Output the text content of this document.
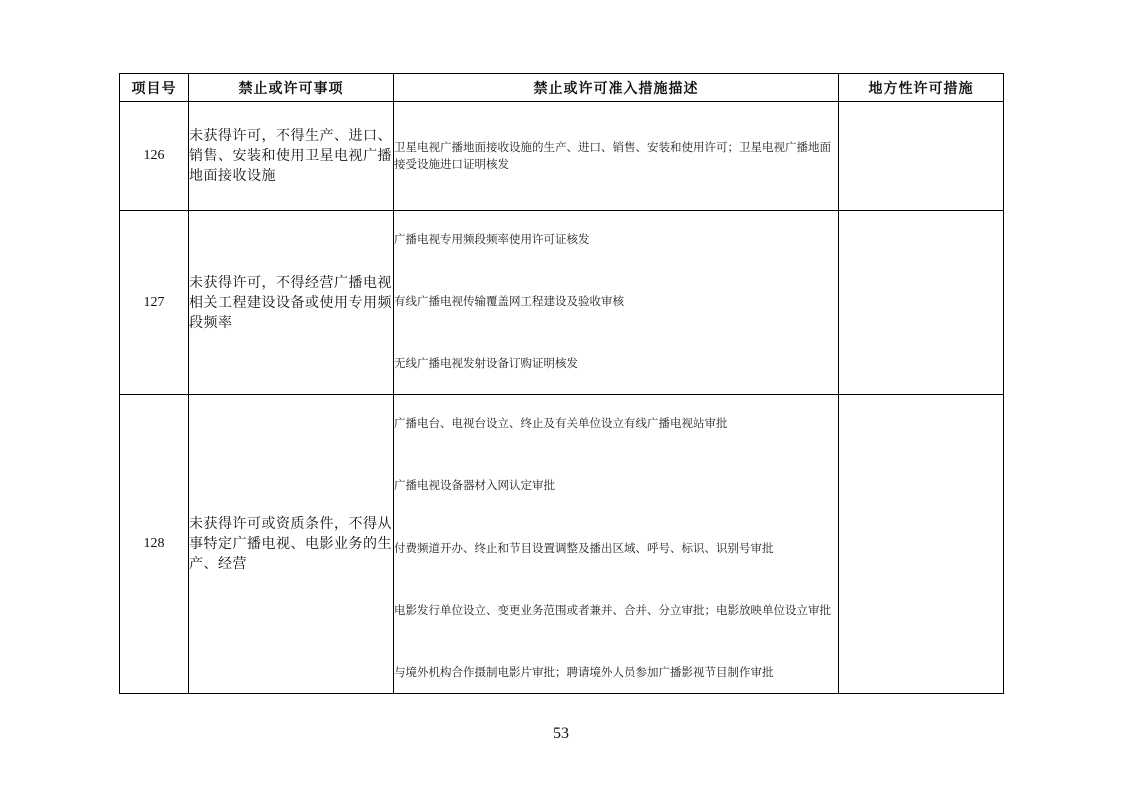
项目号	禁止或许可事项	禁止或许可准入措施描述	地方性许可措施
126	未获得许可，不得生产、进口、销售、安装和使用卫星电视广播地面接收设施	卫星电视广播地面接收设施的生产、进口、销售、安装和使用许可；卫星电视广播地面接受设施进口证明核发	

127	未获得许可，不得经营广播电视相关工程建设设备或使用专用频段频率	广播电视专用频段频率使用许可证核发
有线广播电视传输覆盖网工程建设及验收审核
无线广播电视发射设备订购证明核发	

128	未获得许可或资质条件，不得从事特定广播电视、电影业务的生产、经营	广播电台、电视台设立、终止及有关单位设立有线广播电视站审批
广播电视设备器材入网认定审批
付费频道开办、终止和节目设置调整及播出区域、呼号、标识、识别号审批
电影发行单位设立、变更业务范围或者兼并、合并、分立审批；电影放映单位设立审批
与境外机构合作摄制电影片审批；聘请境外人员参加广播影视节目制作审批	

53
